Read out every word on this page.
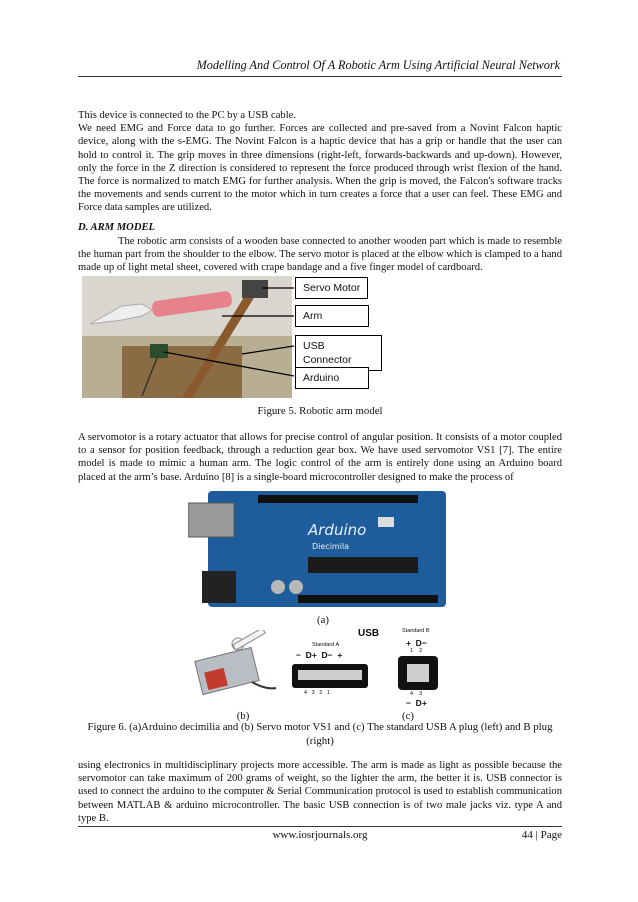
Modelling And Control Of A Robotic Arm Using Artificial Neural Network

This device is connected to the PC by a USB cable.

We need EMG and Force data to go further. Forces are collected and pre-saved from a Novint Falcon haptic device, along with the s-EMG. The Novint Falcon is a haptic device that has a grip or handle that the user can hold to control it. The grip moves in three dimensions (right-left, forwards-backwards and up-down). However, only the force in the Z direction is considered to represent the force produced through wrist flexion of the hand. The force is normalized to match EMG for further analysis. When the grip is moved, the Falcon's software tracks the movements and sends current to the motor which in turn creates a force that a user can feel. These EMG and Force data samples are utilized.

D. ARM MODEL

The robotic arm consists of a wooden base connected to another wooden part which is made to resemble the human part from the shoulder to the elbow. The servo motor is placed at the elbow which is clamped to a hand made up of light metal sheet, covered with crape bandage and a five finger model of cardboard.

Servo Motor
Arm
USB Connector
Arduino
Figure 5. Robotic arm model

A servomotor is a rotary actuator that allows for precise control of angular position. It consists of a motor coupled to a sensor for position feedback, through a reduction gear box. We have used servomotor VS1 [7]. The entire model is made to mimic a human arm. The logic control of the arm is entirely done using an Arduino board placed at the arm’s base. Arduino [8] is a single-board microcontroller designed to make the process of

Arduino
Diecimila
(a)
USB
Standard A
Standard B
−  D+  D−  +
4   3   2   1
+  D−
1    2
4    3
−  D+
(b)	(c)
Figure 6. (a)Arduino decimilia and (b) Servo motor VS1 and (c) The standard USB A plug (left) and B plug
(right)

using electronics in multidisciplinary projects more accessible. The arm is made as light as possible because the servomotor can take maximum of 200 grams of weight, so the lighter the arm, the better it is. USB connector is used to connect the arduino to the computer & Serial Communication protocol is used to establish communication between MATLAB & arduino microcontroller. The basic USB connection is of two male jacks viz. type A and type B.

www.iosrjournals.org	44 | Page
